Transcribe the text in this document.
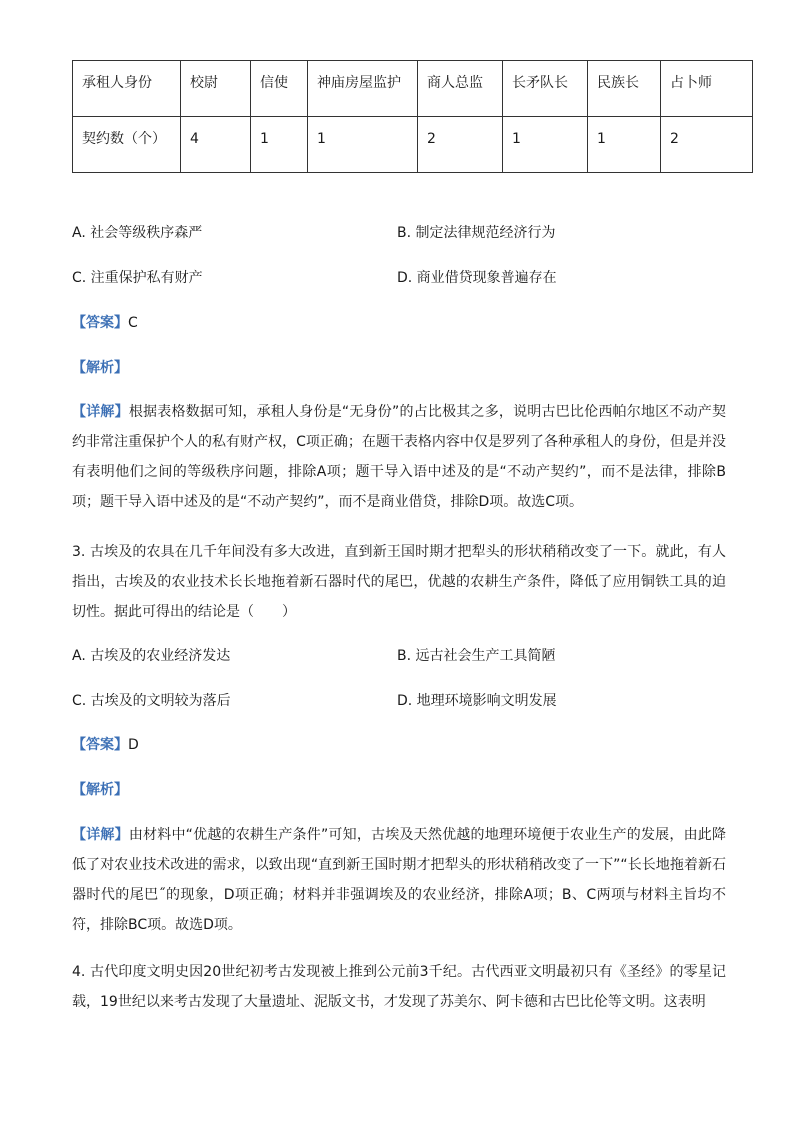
承租人身份	校尉	信使	神庙房屋监护	商人总监	长矛队长	民族长	占卜师
契约数（个）	4	1	1	2	1	1	2
A. 社会等级秩序森严	B. 制定法律规范经济行为
C. 注重保护私有财产	D. 商业借贷现象普遍存在
【答案】C
【解析】
【详解】根据表格数据可知，承租人身份是“无身份”的占比极其之多，说明古巴比伦西帕尔地区不动产契约非常注重保护个人的私有财产权，C项正确；在题干表格内容中仅是罗列了各种承租人的身份，但是并没有表明他们之间的等级秩序问题，排除A项；题干导入语中述及的是“不动产契约”，而不是法律，排除B项；题干导入语中述及的是“不动产契约”，而不是商业借贷，排除D项。故选C项。
3. 古埃及的农具在几千年间没有多大改进，直到新王国时期才把犁头的形状稍稍改变了一下。就此，有人指出，古埃及的农业技术长长地拖着新石器时代的尾巴，优越的农耕生产条件，降低了应用铜铁工具的迫切性。据此可得出的结论是（　　）
A. 古埃及的农业经济发达	B. 远古社会生产工具简陋
C. 古埃及的文明较为落后	D. 地理环境影响文明发展
【答案】D
【解析】
【详解】由材料中“优越的农耕生产条件”可知，古埃及天然优越的地理环境便于农业生产的发展，由此降低了对农业技术改进的需求，以致出现“直到新王国时期才把犁头的形状稍稍改变了一下”“长长地拖着新石器时代的尾巴˝的现象，D项正确；材料并非强调埃及的农业经济，排除A项；B、C两项与材料主旨均不符，排除BC项。故选D项。
4. 古代印度文明史因20世纪初考古发现被上推到公元前3千纪。古代西亚文明最初只有《圣经》的零星记载，19世纪以来考古发现了大量遗址、泥版文书，才发现了苏美尔、阿卡德和古巴比伦等文明。这表明
